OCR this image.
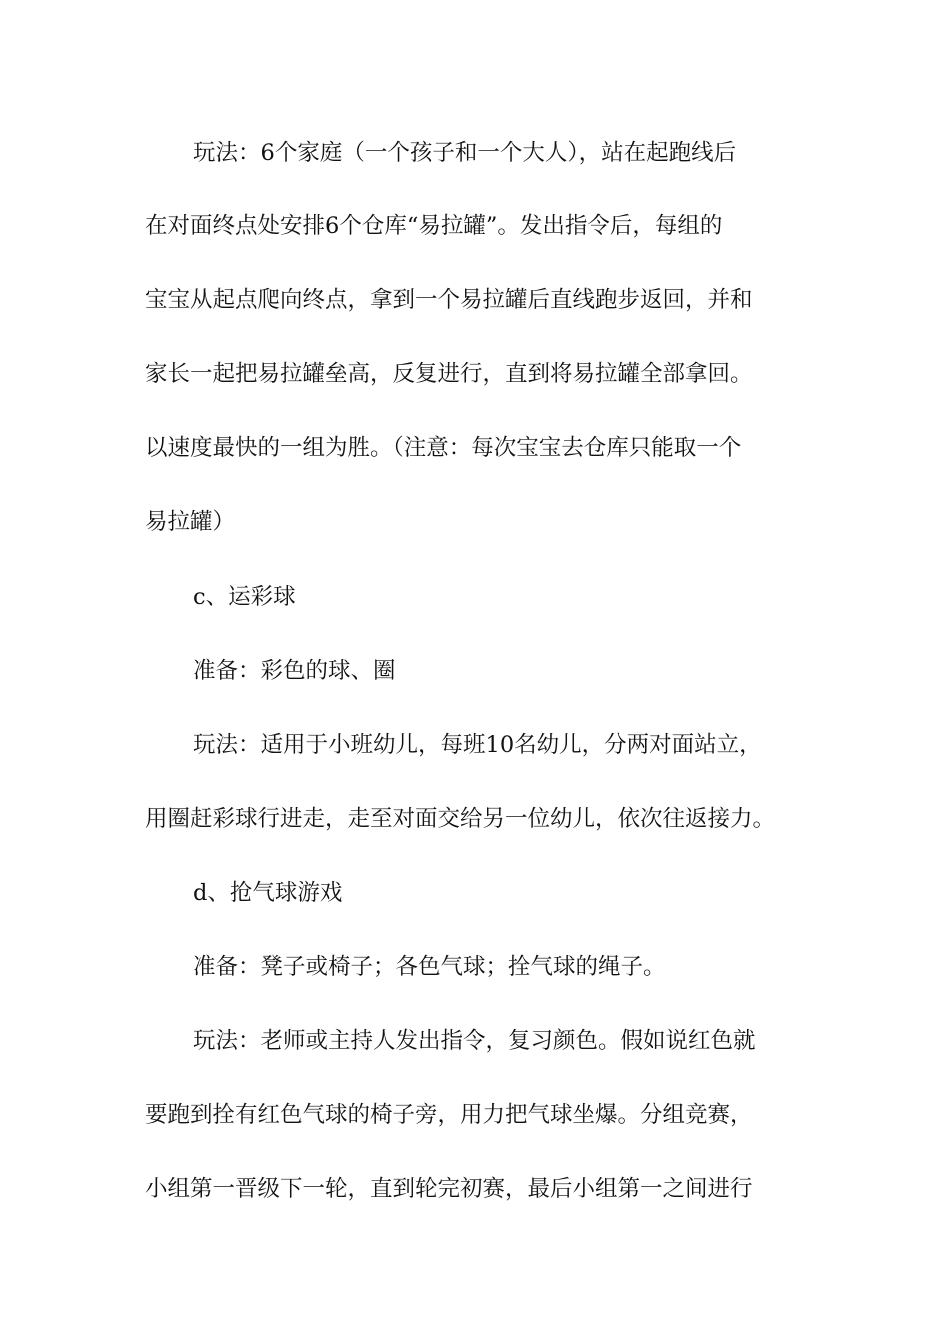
玩法：6个家庭（一个孩子和一个大人），站在起跑线后

在对面终点处安排6个仓库“易拉罐”。发出指令后，每组的

宝宝从起点爬向终点，拿到一个易拉罐后直线跑步返回，并和

家长一起把易拉罐垒高，反复进行，直到将易拉罐全部拿回。

以速度最快的一组为胜。（注意：每次宝宝去仓库只能取一个

易拉罐）

c、运彩球

准备：彩色的球、圈

玩法：适用于小班幼儿，每班10名幼儿，分两对面站立，

用圈赶彩球行进走，走至对面交给另一位幼儿，依次往返接力。

d、抢气球游戏

准备：凳子或椅子；各色气球；拴气球的绳子。

玩法：老师或主持人发出指令，复习颜色。假如说红色就

要跑到拴有红色气球的椅子旁，用力把气球坐爆。分组竞赛，

小组第一晋级下一轮，直到轮完初赛，最后小组第一之间进行
